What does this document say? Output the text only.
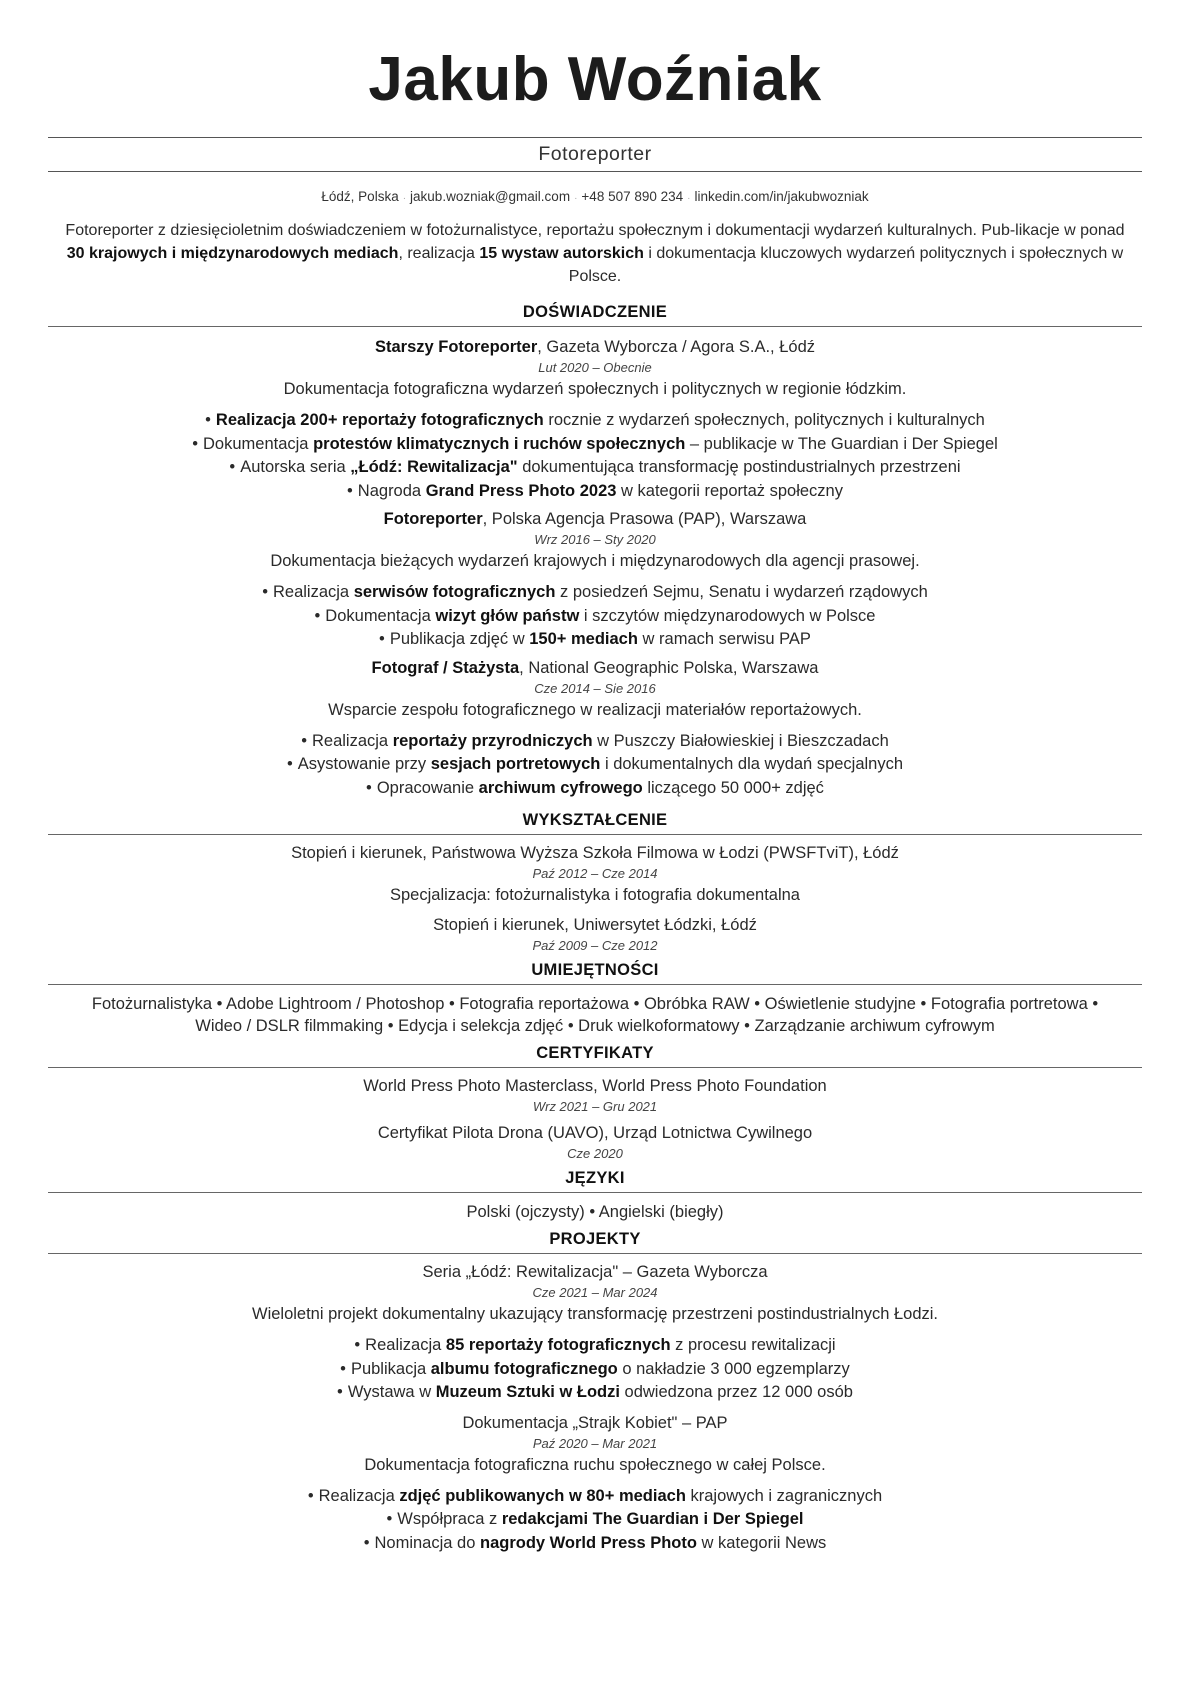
Jakub Woźniak
Fotoreporter
Łódź, Polska · jakub.wozniak@gmail.com · +48 507 890 234 · linkedin.com/in/jakubwozniak
Fotoreporter z dziesięcioletnim doświadczeniem w fotożurnalistyce, reportażu społecznym i dokumentacji wydarzeń kulturalnych. Pub-likacje w ponad 30 krajowych i międzynarodowych mediach, realizacja 15 wystaw autorskich i dokumentacja kluczowych wydarzeń politycznych i społecznych w Polsce.
DOŚWIADCZENIE
Starszy Fotoreporter, Gazeta Wyborcza / Agora S.A., Łódź
Lut 2020 – Obecnie
Dokumentacja fotograficzna wydarzeń społecznych i politycznych w regionie łódzkim.
• Realizacja 200+ reportaży fotograficznych rocznie z wydarzeń społecznych, politycznych i kulturalnych
• Dokumentacja protestów klimatycznych i ruchów społecznych – publikacje w The Guardian i Der Spiegel
• Autorska seria „Łódź: Rewitalizacja" dokumentująca transformację postindustrialnych przestrzeni
• Nagroda Grand Press Photo 2023 w kategorii reportaż społeczny
Fotoreporter, Polska Agencja Prasowa (PAP), Warszawa
Wrz 2016 – Sty 2020
Dokumentacja bieżących wydarzeń krajowych i międzynarodowych dla agencji prasowej.
• Realizacja serwisów fotograficznych z posiedzeń Sejmu, Senatu i wydarzeń rządowych
• Dokumentacja wizyt głów państw i szczytów międzynarodowych w Polsce
• Publikacja zdjęć w 150+ mediach w ramach serwisu PAP
Fotograf / Stażysta, National Geographic Polska, Warszawa
Cze 2014 – Sie 2016
Wsparcie zespołu fotograficznego w realizacji materiałów reportażowych.
• Realizacja reportaży przyrodniczych w Puszczy Białowieskiej i Bieszczadach
• Asystowanie przy sesjach portretowych i dokumentalnych dla wydań specjalnych
• Opracowanie archiwum cyfrowego liczącego 50 000+ zdjęć
WYKSZTAŁCENIE
Stopień i kierunek, Państwowa Wyższa Szkoła Filmowa w Łodzi (PWSFTviT), Łódź
Paź 2012 – Cze 2014
Specjalizacja: fotożurnalistyka i fotografia dokumentalna
Stopień i kierunek, Uniwersytet Łódzki, Łódź
Paź 2009 – Cze 2012
UMIEJĘTNOŚCI
Fotożurnalistyka • Adobe Lightroom / Photoshop • Fotografia reportażowa • Obróbka RAW • Oświetlenie studyjne • Fotografia portretowa •
Wideo / DSLR filmmaking • Edycja i selekcja zdjęć • Druk wielkoformatowy • Zarządzanie archiwum cyfrowym
CERTYFIKATY
World Press Photo Masterclass, World Press Photo Foundation
Wrz 2021 – Gru 2021
Certyfikat Pilota Drona (UAVO), Urząd Lotnictwa Cywilnego
Cze 2020
JĘZYKI
Polski (ojczysty) • Angielski (biegły)
PROJEKTY
Seria „Łódź: Rewitalizacja" – Gazeta Wyborcza
Cze 2021 – Mar 2024
Wieloletni projekt dokumentalny ukazujący transformację przestrzeni postindustrialnych Łodzi.
• Realizacja 85 reportaży fotograficznych z procesu rewitalizacji
• Publikacja albumu fotograficznego o nakładzie 3 000 egzemplarzy
• Wystawa w Muzeum Sztuki w Łodzi odwiedzona przez 12 000 osób
Dokumentacja „Strajk Kobiet" – PAP
Paź 2020 – Mar 2021
Dokumentacja fotograficzna ruchu społecznego w całej Polsce.
• Realizacja zdjęć publikowanych w 80+ mediach krajowych i zagranicznych
• Współpraca z redakcjami The Guardian i Der Spiegel
• Nominacja do nagrody World Press Photo w kategorii News
